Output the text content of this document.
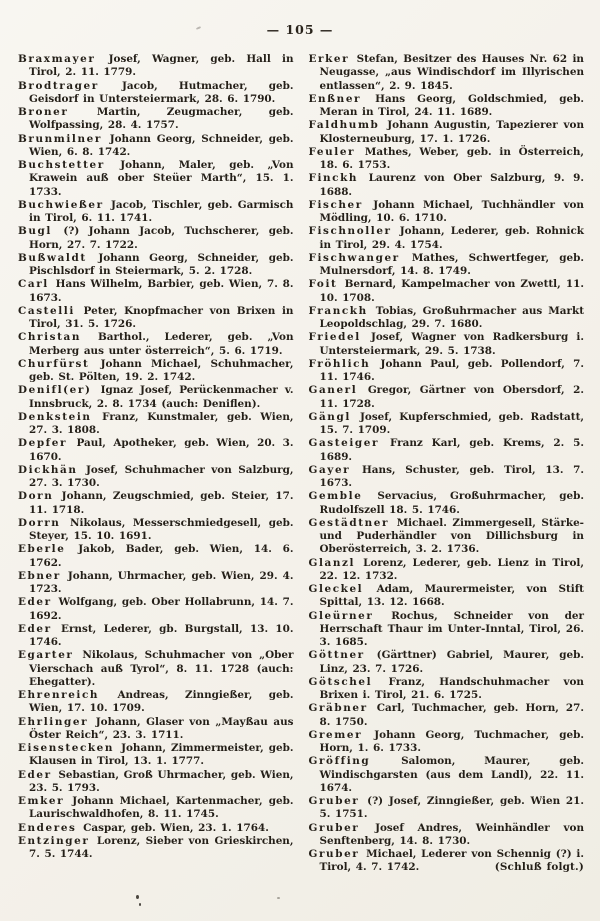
— 105 —

Braxmayer Josef, Wagner, geb. Hall in Tirol, 2. 11. 1779.

Brodtrager Jacob, Hutmacher, geb. Geisdorf in Untersteiermark, 28. 6. 1790.

Broner	Martin, Zeugmacher, geb. Wolfpassing, 28. 4. 1757.

Brunmilner Johann Georg, Schneider, geb. Wien, 6. 8. 1742.

Buchstetter Johann, Maler, geb. „Von Krawein auß ober Steüer Marth“, 15. 1. 1733.

Buchwießer Jacob, Tischler, geb. Garmisch in Tirol, 6. 11. 1741.

Bugl (?) Johann Jacob, Tuchscherer, geb. Horn, 27. 7. 1722.

Bußwaldt Johann Georg, Schneider, geb. Pischlsdorf in Steiermark, 5. 2. 1728.

Carl Hans Wilhelm, Barbier, geb. Wien, 7. 8. 1673.

Castelli Peter, Knopfmacher von Brixen in Tirol, 31. 5. 1726.

Christan Barthol., Lederer, geb. „Von Merberg aus unter österreich“, 5. 6. 1719.

Churfürst Johann Michael, Schuhmacher, geb. St. Pölten, 19. 2. 1742.

Denifl(er) Ignaz Josef, Perückenmacher v. Innsbruck, 2. 8. 1734 (auch: Deniflen).

Denkstein Franz, Kunstmaler, geb. Wien, 27. 3. 1808.

Depfer Paul, Apotheker, geb. Wien, 20. 3. 1670.

Dickhän Josef, Schuhmacher von Salzburg, 27. 3. 1730.

Dorn Johann, Zeugschmied, geb. Steier, 17. 11. 1718.

Dorrn Nikolaus, Messerschmiedgesell, geb. Steyer, 15. 10. 1691.

Eberle Jakob, Bader, geb. Wien, 14. 6. 1762.

Ebner Johann, Uhrmacher, geb. Wien, 29. 4. 1723.

Eder Wolfgang, geb. Ober Hollabrunn, 14. 7. 1692.

Eder Ernst, Lederer, gb. Burgstall, 13. 10. 1746.

Egarter Nikolaus, Schuhmacher von „Ober Vierschach auß Tyrol“, 8. 11. 1728 (auch: Ehegatter).

Ehrenreich Andreas, Zinngießer, geb. Wien, 17. 10. 1709.

Ehrlinger Johann, Glaser von „Mayßau aus Öster Reich“, 23. 3. 1711.

Eisenstecken Johann, Zimmermeister, geb. Klausen in Tirol, 13. 1. 1777.

Eder Sebastian, Groß Uhrmacher, geb. Wien, 23. 5. 1793.

Emker Johann Michael, Kartenmacher, geb. Laurischwaldhofen, 8. 11. 1745.

Enderes Caspar, geb. Wien, 23. 1. 1764.

Entzinger Lorenz, Sieber von Grieskirchen, 7. 5. 1744.

Erker Stefan, Besitzer des Hauses Nr. 62 in Neugasse, „aus Windischdorf im Illyrischen entlassen“, 2. 9. 1845.

Enßner Hans Georg, Goldschmied, geb. Meran in Tirol, 24. 11. 1689.

Faldhumb Johann Augustin, Tapezierer von Klosterneuburg, 17. 1. 1726.

Feuler Mathes, Weber, geb. in Österreich, 18. 6. 1753.

Finckh Laurenz von Ober Salzburg, 9. 9. 1688.

Fischer Johann Michael, Tuchhändler von Mödling, 10. 6. 1710.

Fischnoller Johann, Lederer, geb. Rohnick in Tirol, 29. 4. 1754.

Fischwanger Mathes, Schwertfeger, geb. Mulnersdorf, 14. 8. 1749.

Foit Bernard, Kampelmacher von Zwettl, 11. 10. 1708.

Franckh Tobias, Großuhrmacher aus Markt Leopoldschlag, 29. 7. 1680.

Friedel Josef, Wagner von Radkersburg i. Untersteiermark, 29. 5. 1738.

Fröhlich Johann Paul, geb. Pollendorf, 7. 11. 1746.

Ganerl Gregor, Gärtner von Obersdorf, 2. 11. 1728.

Gängl Josef, Kupferschmied, geb. Radstatt, 15. 7. 1709.

Gasteiger Franz Karl, geb. Krems, 2. 5. 1689.

Gayer Hans, Schuster, geb. Tirol, 13. 7. 1673.

Gemble Servacius, Großuhrmacher, geb. Rudolfszell 18. 5. 1746.

Gestädtner Michael. Zimmergesell, Stärke- und Puderhändler von Dillichsburg in Oberösterreich, 3. 2. 1736.

Glanzl Lorenz, Lederer, geb. Lienz in Tirol, 22. 12. 1732.

Gleckel Adam, Maurermeister, von Stift Spittal, 13. 12. 1668.

Gleürner Rochus, Schneider von der Herrschaft Thaur im Unter-Inntal, Tirol, 26. 3. 1685.

Göttner (Gärttner) Gabriel, Maurer, geb. Linz, 23. 7. 1726.

Götschel Franz, Handschuhmacher von Brixen i. Tirol, 21. 6. 1725.

Gräbner Carl, Tuchmacher, geb. Horn, 27. 8. 1750.

Gremer Johann Georg, Tuchmacher, geb. Horn, 1. 6. 1733.

Gröffing	Salomon, Maurer, geb. Windischgarsten (aus dem Landl), 22. 11. 1674.

Gruber (?) Josef, Zinngießer, geb. Wien 21. 5. 1751.

Gruber Josef Andres, Weinhändler von Senftenberg, 14. 8. 1730.

Gruber Michael, Lederer von Schennig (?) i. Tirol, 4. 7. 1742.	(Schluß folgt.)
